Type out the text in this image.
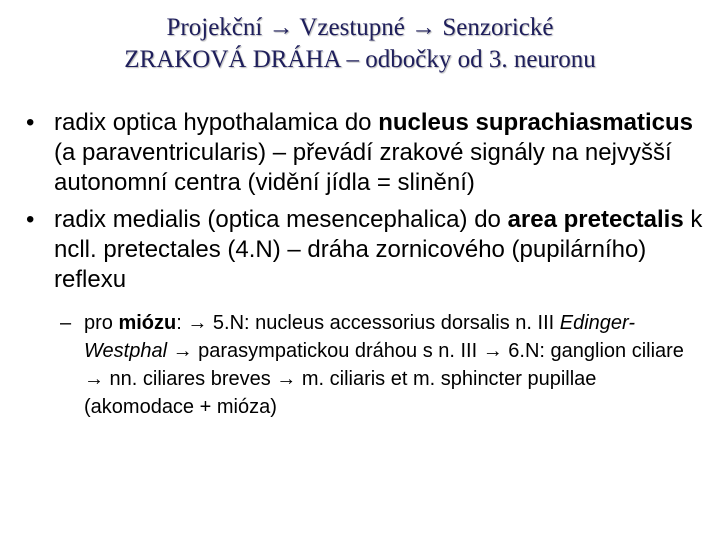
Projekční → Vzestupné → Senzorické
ZRAKOVÁ DRÁHA – odbočky od 3. neuronu
• radix optica hypothalamica do nucleus suprachiasmaticus (a paraventricularis) – převádí zrakové signály na nejvyšší autonomní centra (vidění jídla = slinění)
• radix medialis (optica mesencephalica) do area pretectalis k ncll. pretectales (4.N) – dráha zornicového (pupilárního) reflexu
– pro miózu: → 5.N: nucleus accessorius dorsalis n. III Edinger-Westphal → parasympatickou dráhou s n. III → 6.N: ganglion ciliare → nn. ciliares breves → m. ciliaris et m. sphincter pupillae (akomodace + mióza)
